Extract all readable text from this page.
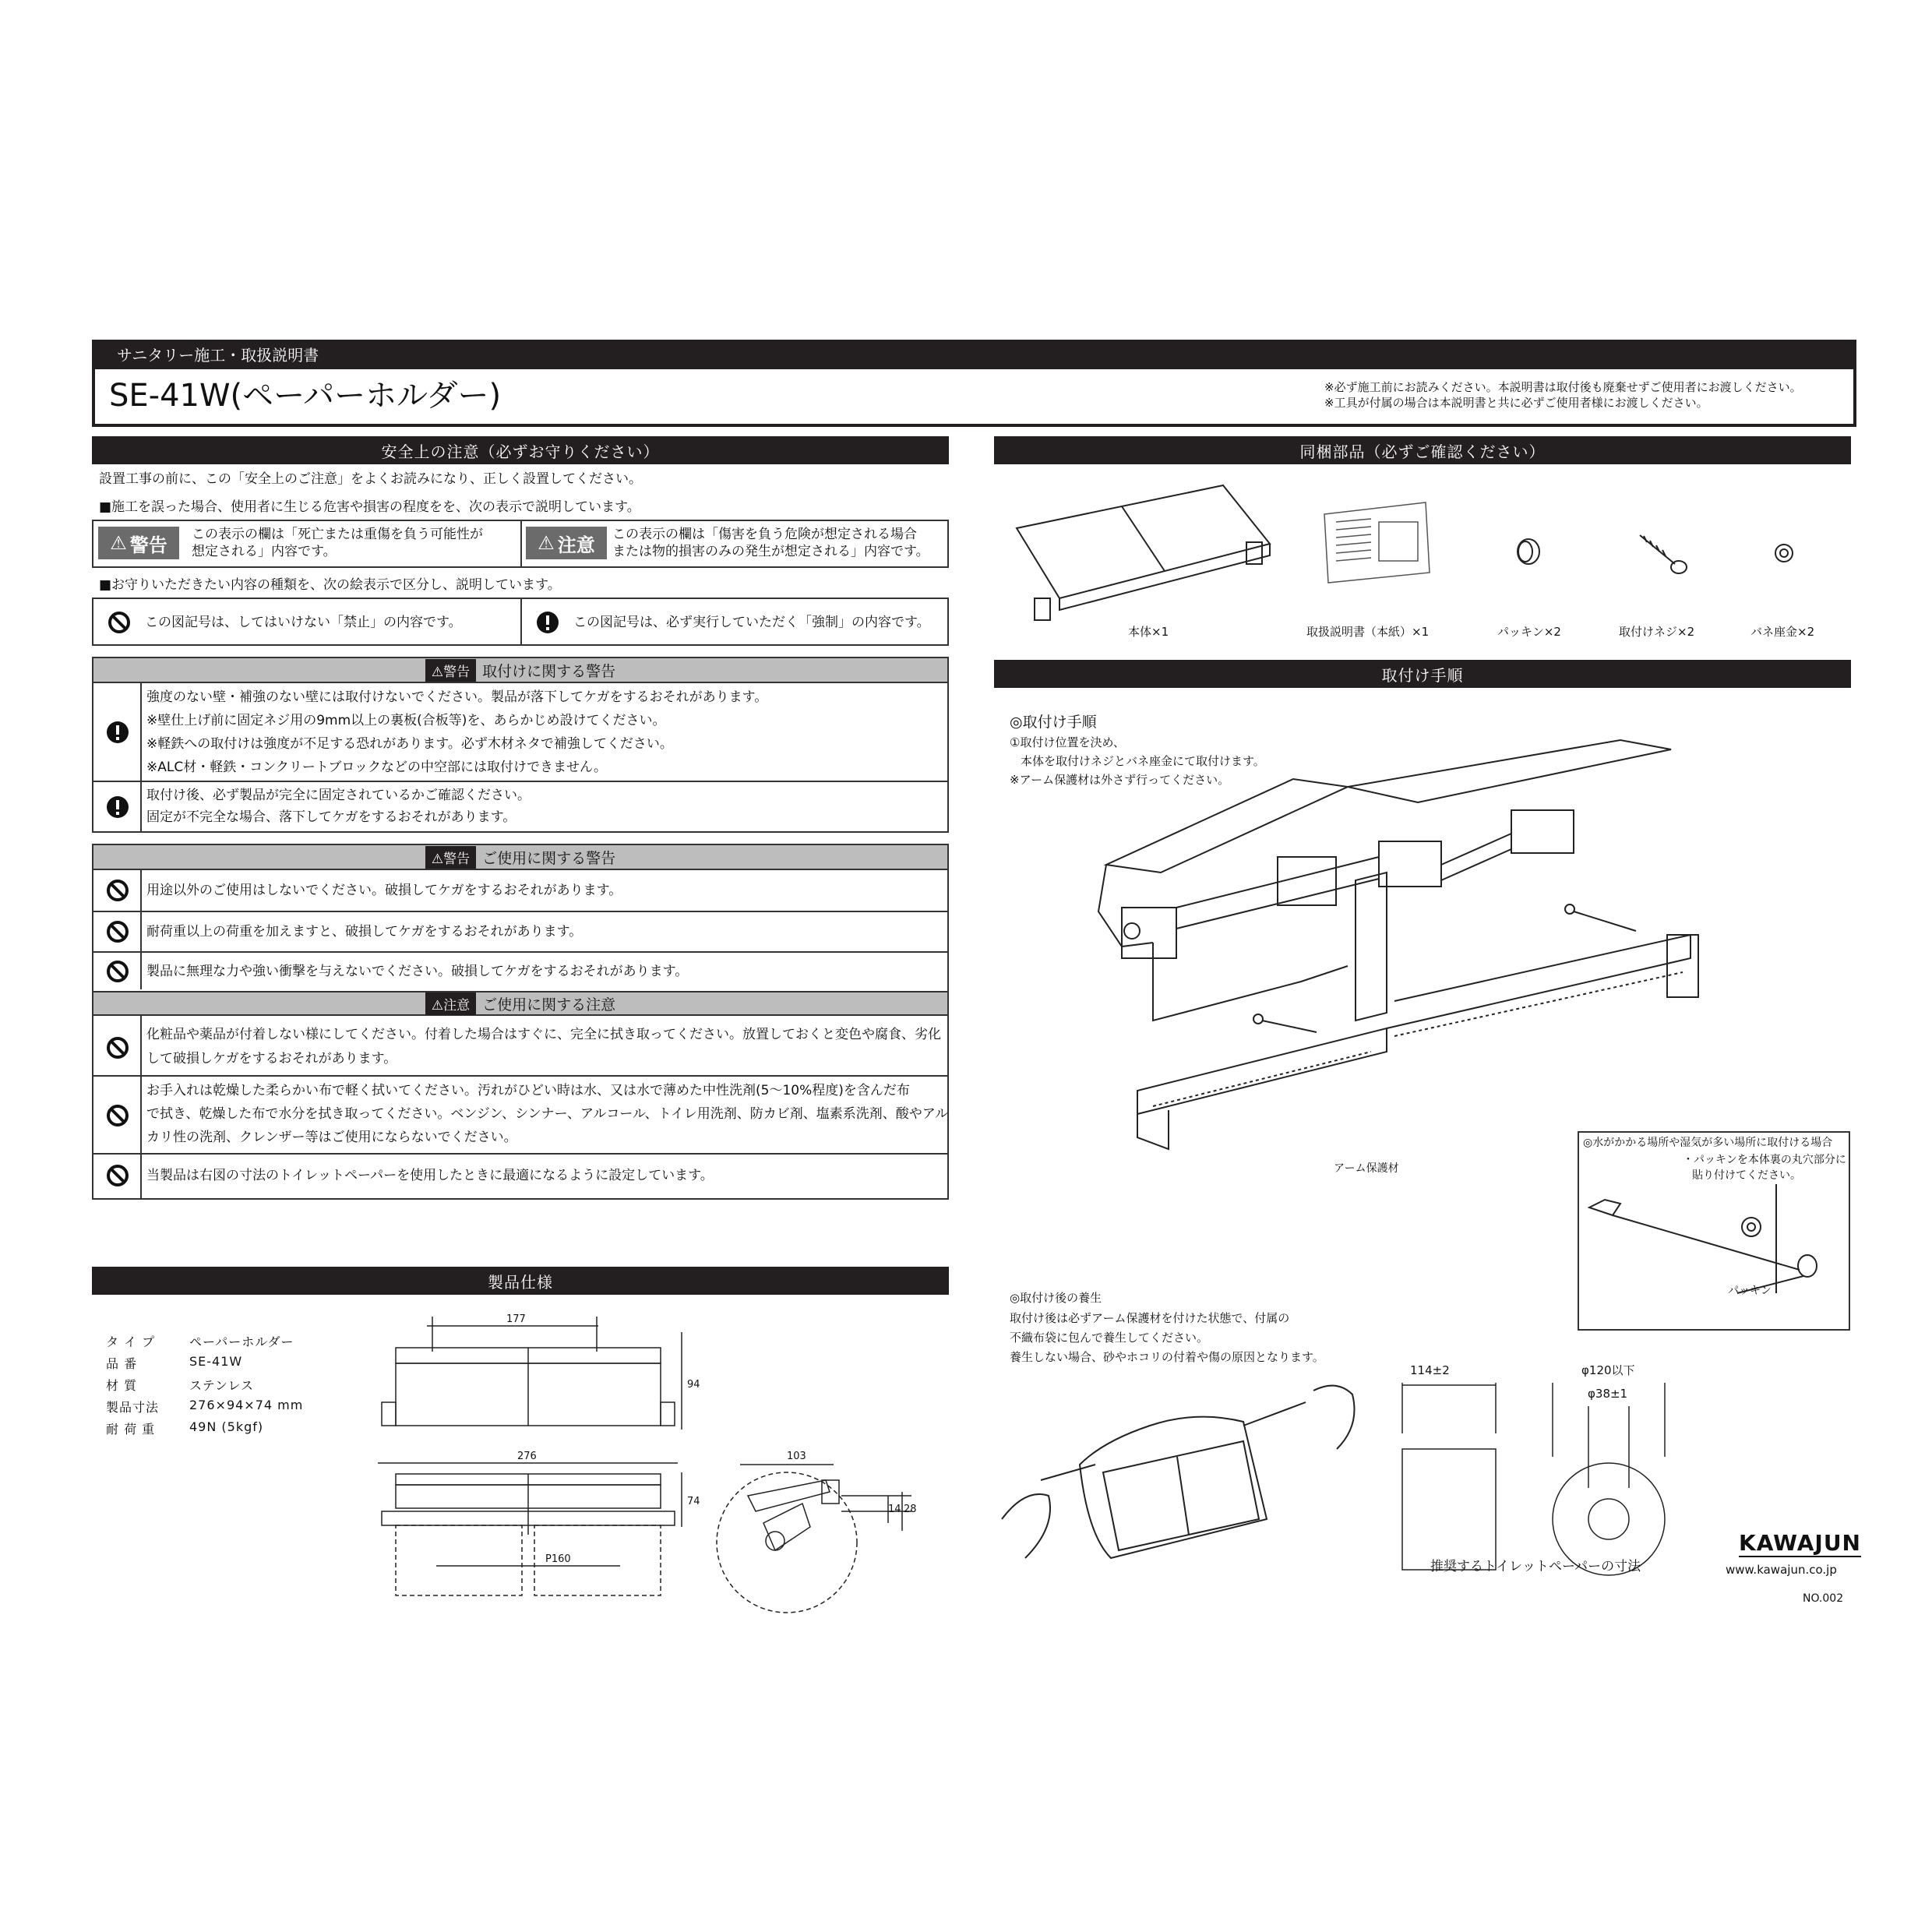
サニタリー施工・取扱説明書
SE-41W(ペーパーホルダー)	※必ず施工前にお読みください。本説明書は取付後も廃棄せずご使用者にお渡しください。
※工具が付属の場合は本説明書と共に必ずご使用者様にお渡しください。
安全上の注意（必ずお守りください）
設置工事の前に、この「安全上のご注意」をよくお読みになり、正しく設置してください。
■施工を誤った場合、使用者に生じる危害や損害の程度をを、次の表示で説明しています。
⚠ 警告 この表示の欄は「死亡または重傷を負う可能性が
想定される」内容です。	⚠ 注意 この表示の欄は「傷害を負う危険が想定される場合
または物的損害のみの発生が想定される」内容です。
■お守りいただきたい内容の種類を、次の絵表示で区分し、説明しています。
この図記号は、してはいけない「禁止」の内容です。	この図記号は、必ず実行していただく「強制」の内容です。
⚠警告 取付けに関する警告
強度のない壁・補強のない壁には取付けないでください。製品が落下してケガをするおそれがあります。
※壁仕上げ前に固定ネジ用の9mm以上の裏板(合板等)を、あらかじめ設けてください。
※軽鉄への取付けは強度が不足する恐れがあります。必ず木材ネタで補強してください。
※ALC材・軽鉄・コンクリートブロックなどの中空部には取付けできません。
取付け後、必ず製品が完全に固定されているかご確認ください。
固定が不完全な場合、落下してケガをするおそれがあります。
⚠警告 ご使用に関する警告
用途以外のご使用はしないでください。破損してケガをするおそれがあります。
耐荷重以上の荷重を加えますと、破損してケガをするおそれがあります。
製品に無理な力や強い衝撃を与えないでください。破損してケガをするおそれがあります。
⚠注意 ご使用に関する注意
化粧品や薬品が付着しない様にしてください。付着した場合はすぐに、完全に拭き取ってください。放置しておくと変色や腐食、劣化
して破損しケガをするおそれがあります。
お手入れは乾燥した柔らかい布で軽く拭いてください。汚れがひどい時は水、又は水で薄めた中性洗剤(5〜10%程度)を含んだ布
で拭き、乾燥した布で水分を拭き取ってください。ベンジン、シンナー、アルコール、トイレ用洗剤、防カビ剤、塩素系洗剤、酸やアル
カリ性の洗剤、クレンザー等はご使用にならないでください。
当製品は右図の寸法のトイレットペーパーを使用したときに最適になるように設定しています。
製品仕様
タ イ プ	ペーパーホルダー
品 番	SE-41W
材 質	ステンレス
製品寸法 276×94×74 mm
耐 荷 重	49N (5kgf)
177
94
276
74
P160
103
14 28
同梱部品（必ずご確認ください）
本体×1	取扱説明書（本紙）×1	パッキン×2	取付けネジ×2	バネ座金×2
取付け手順
◎取付け手順
①取付け位置を決め、
本体を取付けネジとバネ座金にて取付けます。
※アーム保護材は外さず行ってください。
アーム保護材
◎水がかかる場所や湿気が多い場所に取付ける場合
・パッキンを本体裏の丸穴部分に
貼り付けてください。
パッキン
◎取付け後の養生
取付け後は必ずアーム保護材を付けた状態で、付属の
不織布袋に包んで養生してください。
養生しない場合、砂やホコリの付着や傷の原因となります。
114±2	φ120以下
φ38±1
推奨するトイレットペーパーの寸法
KAWAJUN
www.kawajun.co.jp
NO.002
